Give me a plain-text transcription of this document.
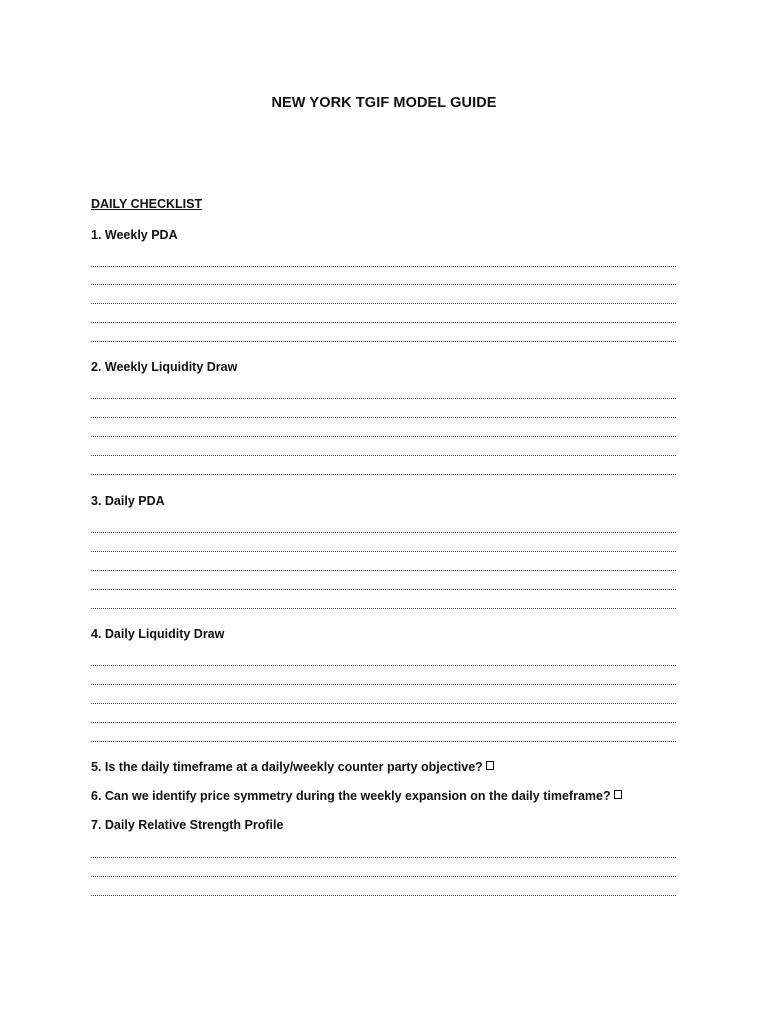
NEW YORK TGIF MODEL GUIDE
DAILY CHECKLIST
1. Weekly PDA
2. Weekly Liquidity Draw
3. Daily PDA
4. Daily Liquidity Draw
5. Is the daily timeframe at a daily/weekly counter party objective?
6. Can we identify price symmetry during the weekly expansion on the daily timeframe?
7. Daily Relative Strength Profile
